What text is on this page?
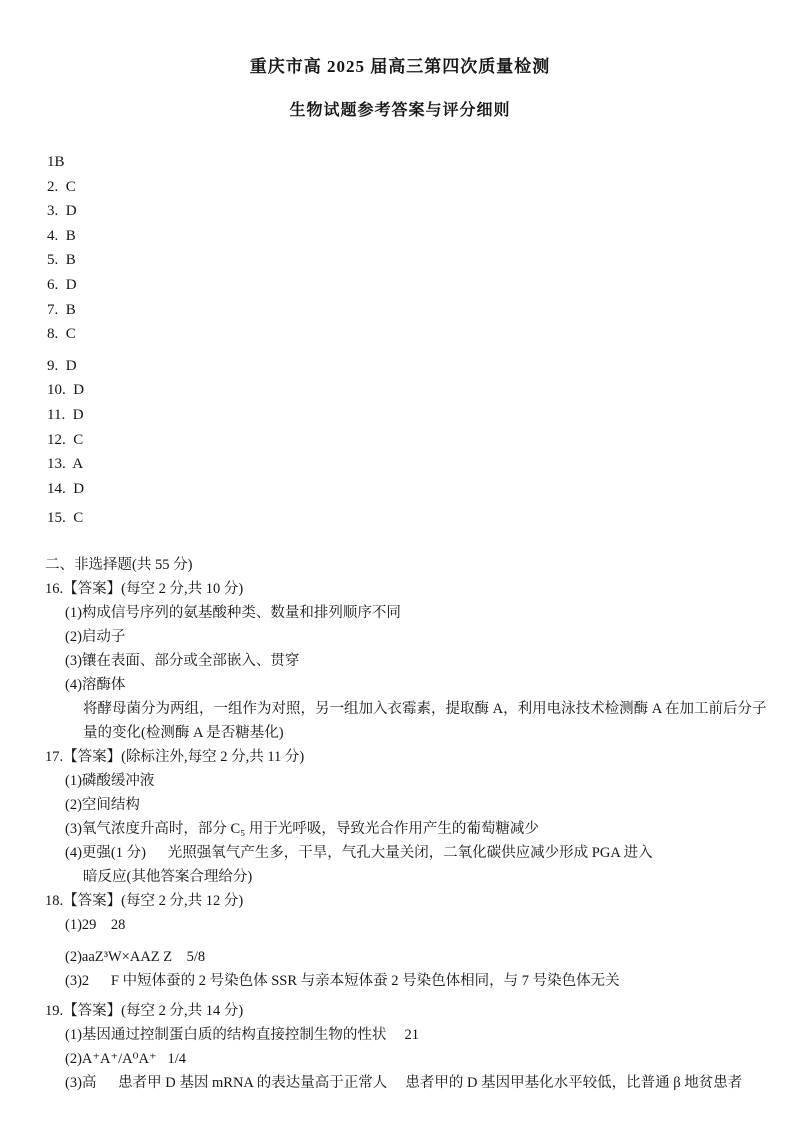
重庆市高 2025 届高三第四次质量检测
生物试题参考答案与评分细则
1B
2.  C
3.  D
4.  B
5.  B
6.  D
7.  B
8.  C
9.  D
10.  D
11.  D
12.  C
13.  A
14.  D
15.  C
二、非选择题(共 55 分)
16.【答案】(每空 2 分,共 10 分)
(1)构成信号序列的氨基酸种类、数量和排列顺序不同
(2)启动子
(3)镶在表面、部分或全部嵌入、贯穿
(4)溶酶体
将酵母菌分为两组，一组作为对照，另一组加入衣霉素，提取酶 A，利用电泳技术检测酶 A 在加工前后分子
量的变化(检测酶 A 是否糖基化)
17.【答案】(除标注外,每空 2 分,共 11 分)
(1)磷酸缓冲液
(2)空间结构
(3)氧气浓度升高时，部分 C₅ 用于光呼吸，导致光合作用产生的葡萄糖减少
(4)更强(1 分)      光照强氧气产生多，干旱，气孔大量关闭，二氧化碳供应减少形成 PGA 进入
暗反应(其他答案合理给分)
18.【答案】(每空 2 分,共 12 分)
(1)29    28
(2)aaZ³W×AAZ Z    5/8
(3)2      F 中短体蚕的 2 号染色体 SSR 与亲本短体蚕 2 号染色体相同，与 7 号染色体无关
19.【答案】(每空 2 分,共 14 分)
(1)基因通过控制蛋白质的结构直接控制生物的性状     21
(2)A⁺A⁺/A⁰A⁺   1/4
(3)高      患者甲 D 基因 mRNA 的表达量高于正常人     患者甲的 D 基因甲基化水平较低，比普通 β 地贫患者
